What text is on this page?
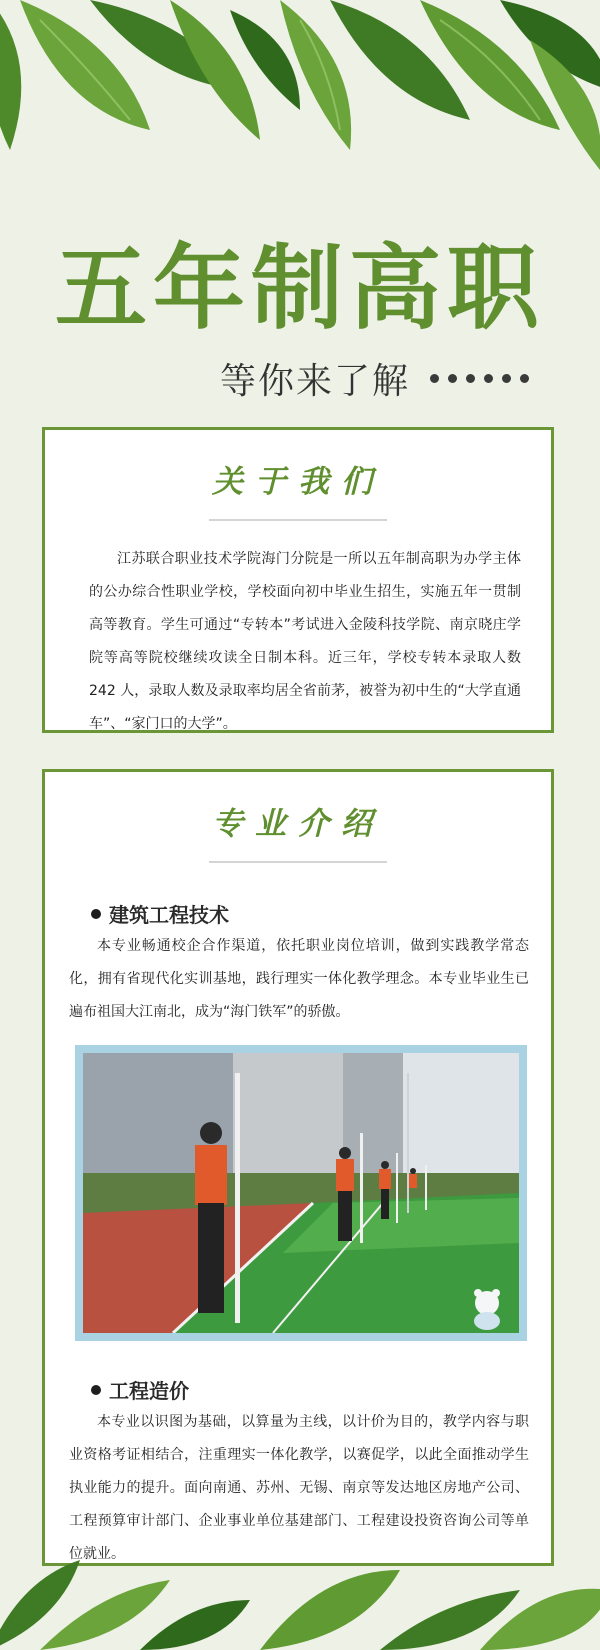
五年制高职
等你来了解
关于我们
江苏联合职业技术学院海门分院是一所以五年制高职为办学主体的公办综合性职业学校，学校面向初中毕业生招生，实施五年一贯制高等教育。学生可通过“专转本”考试进入金陵科技学院、南京晓庄学院等高等院校继续攻读全日制本科。近三年，学校专转本录取人数 242 人，录取人数及录取率均居全省前茅，被誉为初中生的“大学直通车”、“家门口的大学”。
专业介绍
建筑工程技术
本专业畅通校企合作渠道，依托职业岗位培训，做到实践教学常态化，拥有省现代化实训基地，践行理实一体化教学理念。本专业毕业生已遍布祖国大江南北，成为“海门铁军”的骄傲。
工程造价
本专业以识图为基础，以算量为主线，以计价为目的，教学内容与职业资格考证相结合，注重理实一体化教学，以赛促学，以此全面推动学生执业能力的提升。面向南通、苏州、无锡、南京等发达地区房地产公司、工程预算审计部门、企业事业单位基建部门、工程建设投资咨询公司等单位就业。
